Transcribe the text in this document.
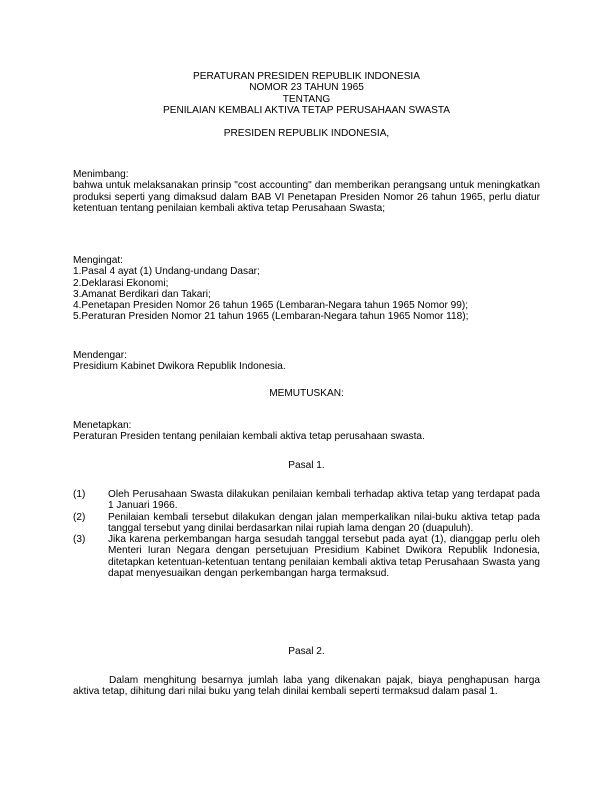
PERATURAN PRESIDEN REPUBLIK INDONESIA

NOMOR 23 TAHUN 1965

TENTANG

PENILAIAN KEMBALI AKTIVA TETAP PERUSAHAAN SWASTA

PRESIDEN REPUBLIK INDONESIA,

Menimbang:

bahwa untuk melaksanakan prinsip "cost accounting" dan memberikan perangsang untuk meningkatkan produksi seperti yang dimaksud dalam BAB VI Penetapan Presiden Nomor 26 tahun 1965, perlu diatur ketentuan tentang penilaian kembali aktiva tetap Perusahaan Swasta;

Mengingat:

1.Pasal 4 ayat (1) Undang-undang Dasar;

2.Deklarasi Ekonomi;

3.Amanat Berdikari dan Takari;

4.Penetapan Presiden Nomor 26 tahun 1965 (Lembaran-Negara tahun 1965 Nomor 99);

5.Peraturan Presiden Nomor 21 tahun 1965 (Lembaran-Negara tahun 1965 Nomor 118);

Mendengar:

Presidium Kabinet Dwikora Republik Indonesia.

MEMUTUSKAN:

Menetapkan:

Peraturan Presiden tentang penilaian kembali aktiva tetap perusahaan swasta.

Pasal 1.

(1)	Oleh Perusahaan Swasta dilakukan penilaian kembali terhadap aktiva tetap yang terdapat pada 1 Januari 1966.
(2)	Penilaian kembali tersebut dilakukan dengan jalan memperkalikan nilai-buku aktiva tetap pada tanggal tersebut yang dinilai berdasarkan nilai rupiah lama dengan 20 (duapuluh).
(3)	Jika karena perkembangan harga sesudah tanggal tersebut pada ayat (1), dianggap perlu oleh Menteri Iuran Negara dengan persetujuan Presidium Kabinet Dwikora Republik Indonesia, ditetapkan ketentuan-ketentuan tentang penilaian kembali aktiva tetap Perusahaan Swasta yang dapat menyesuaikan dengan perkembangan harga termaksud.

Pasal 2.

Dalam menghitung besarnya jumlah laba yang dikenakan pajak, biaya penghapusan harga aktiva tetap, dihitung dari nilai buku yang telah dinilai kembali seperti termaksud dalam pasal 1.
